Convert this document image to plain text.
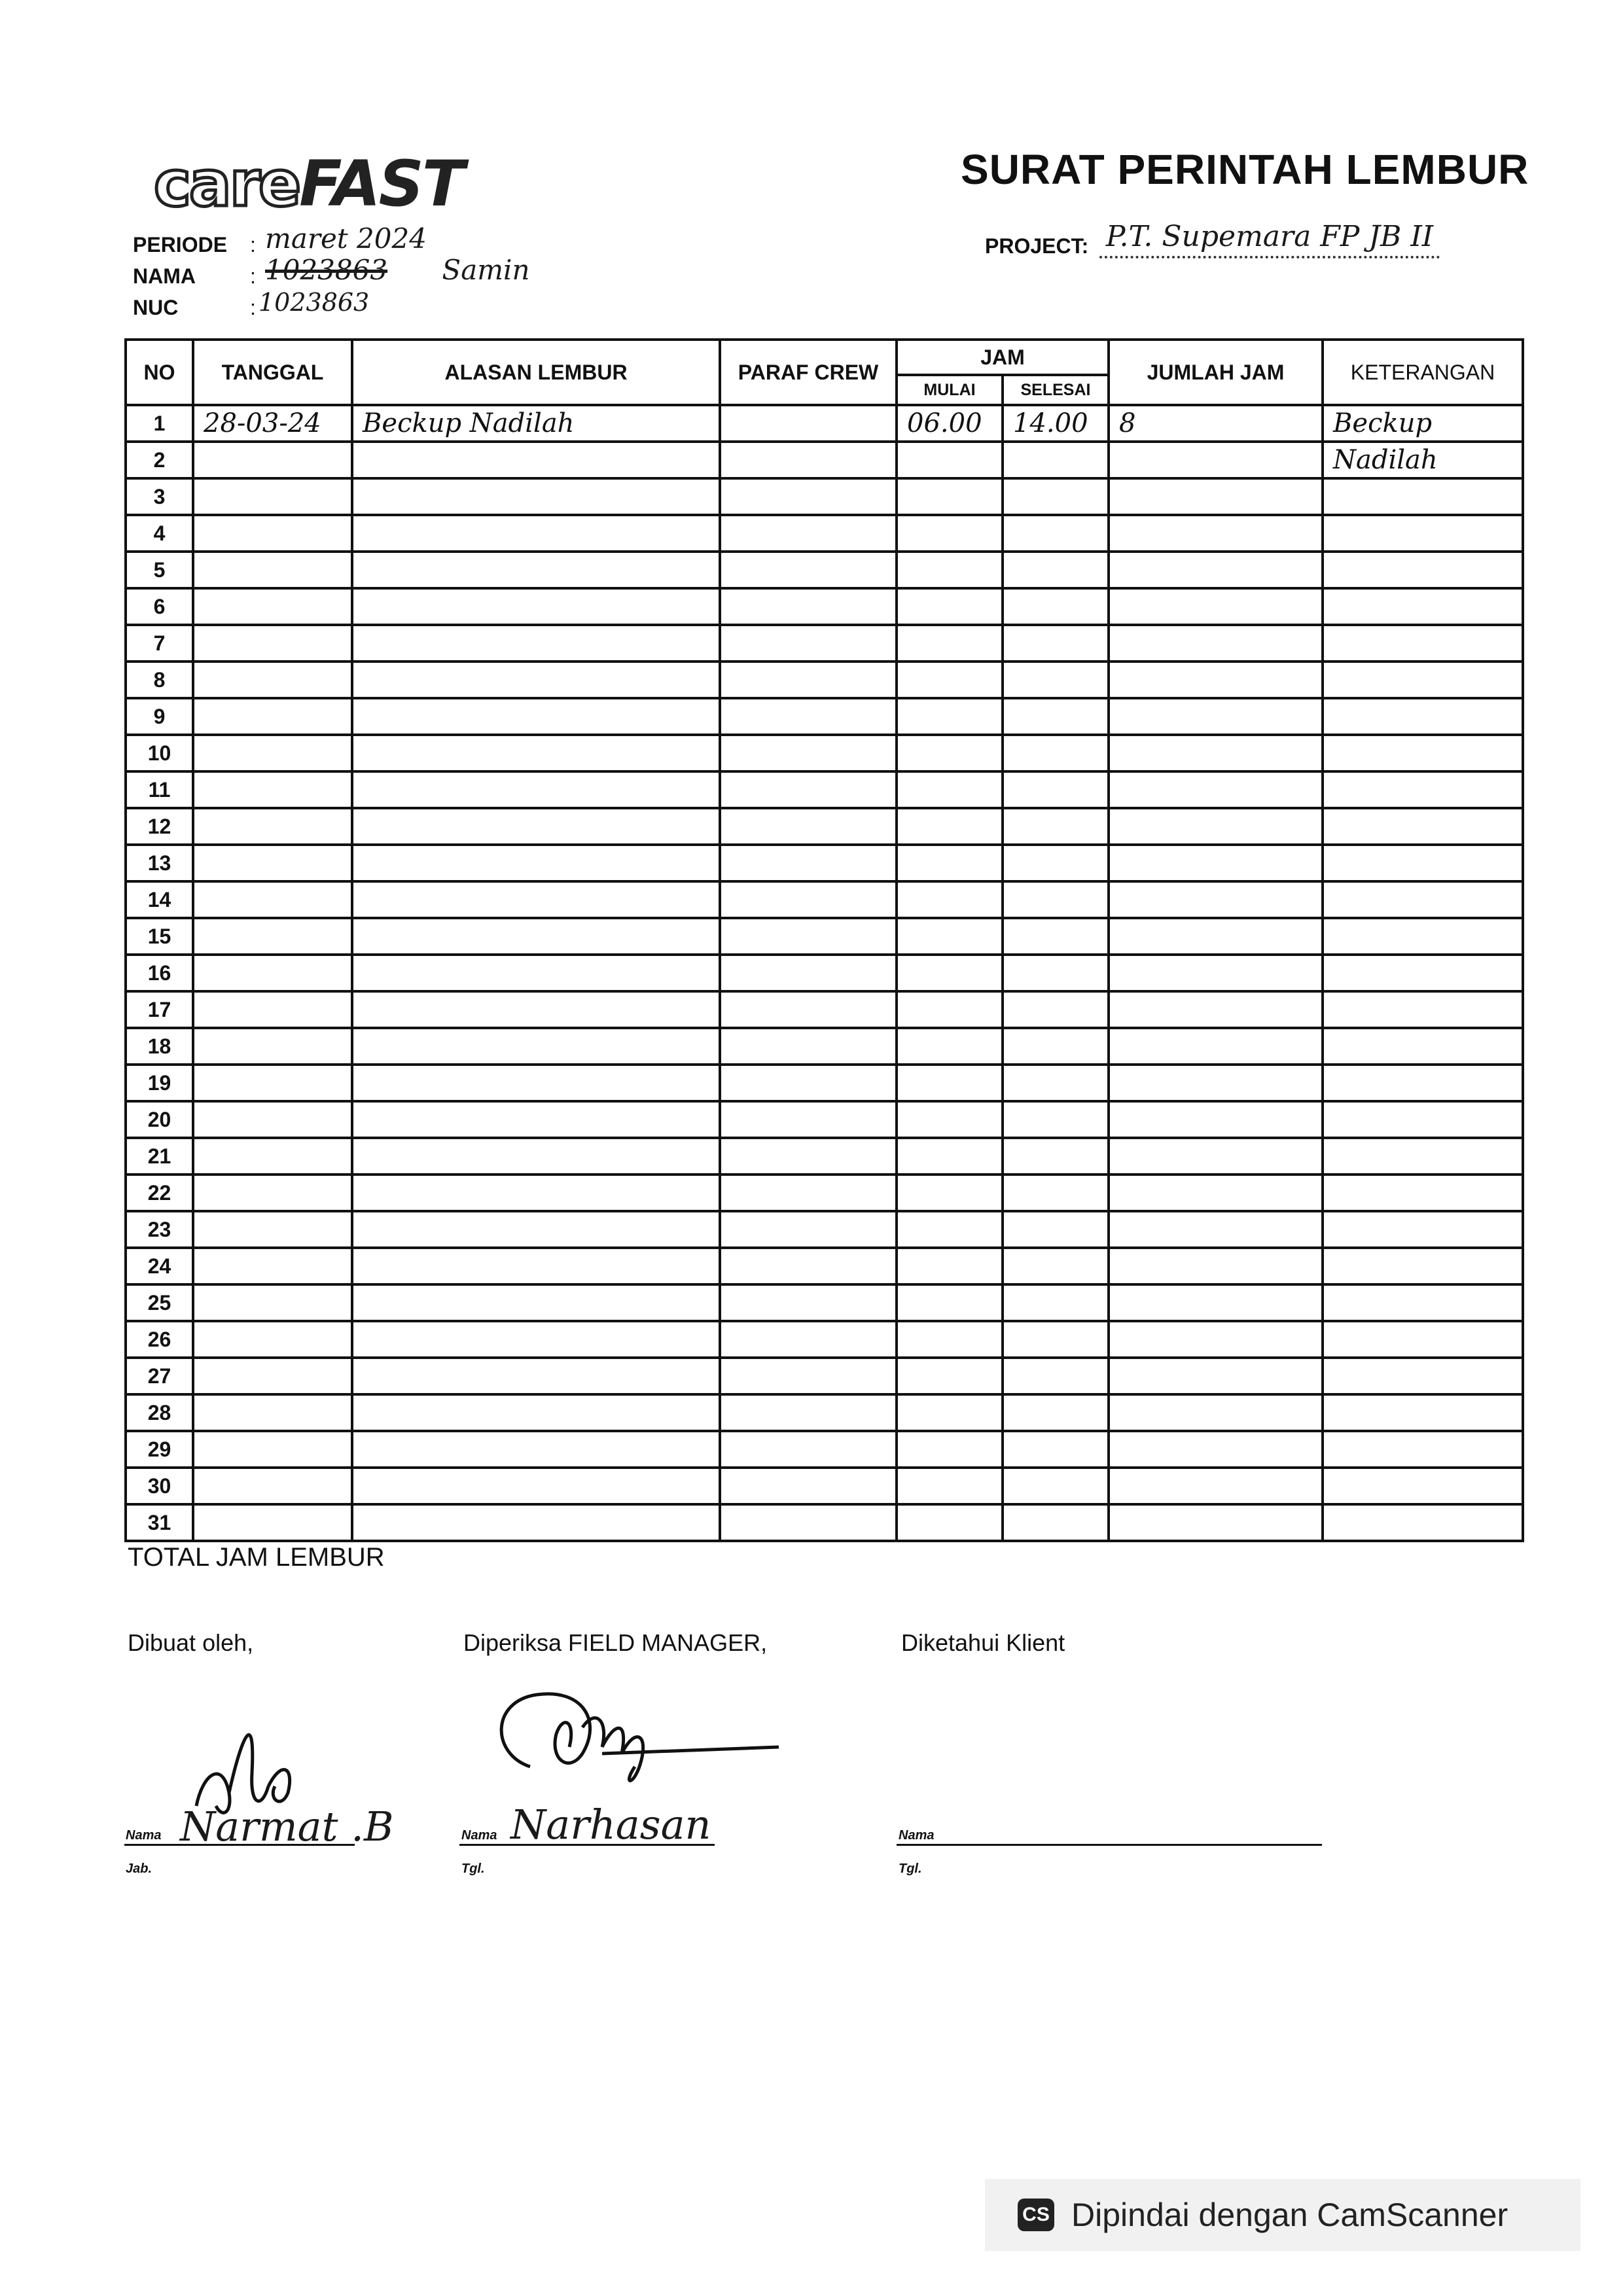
careFAST	SURAT PERINTAH LEMBUR
PERIODE : maret 2024
NAMA	: 1023863 Samin
NUC	: 1023863
PROJECT: P.T. Supemara FP JB II
NO	TANGGAL	ALASAN LEMBUR	PARAF CREW	JAM		JUMLAH JAM	KETERANGAN
				MULAI	SELESAI		
1	28-03-24	Beckup Nadilah		06.00	14.00	8	Beckup
2							Nadilah
3							
4							
5							
6							
7							
8							
9							
10							
11							
12							
13							
14							
15							
16							
17							
18							
19							
20							
21							
22							
23							
24							
25							
26							
27							
28							
29							
30							
31							
TOTAL JAM LEMBUR
Dibuat oleh,
Nama Narmat .B
Jab.
Diperiksa FIELD MANAGER,
Nama Narhasan
Tgl.
Diketahui Klient
Nama
Tgl.
CS Dipindai dengan CamScanner
